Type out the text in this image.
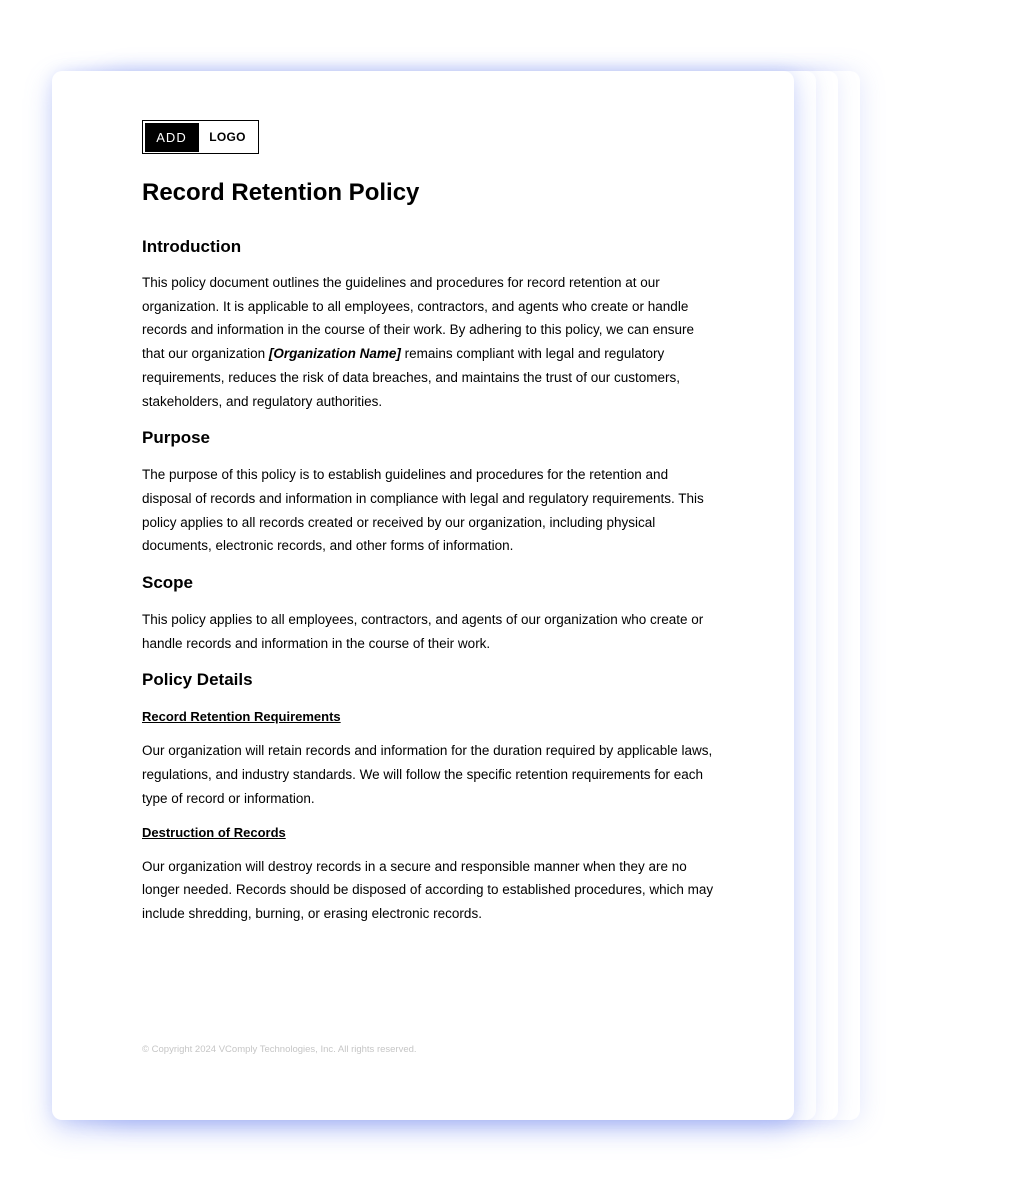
ADD	LOGO
Record Retention Policy
Introduction

This policy document outlines the guidelines and procedures for record retention at our organization. It is applicable to all employees, contractors, and agents who create or handle records and information in the course of their work. By adhering to this policy, we can ensure that our organization [Organization Name] remains compliant with legal and regulatory requirements, reduces the risk of data breaches, and maintains the trust of our customers, stakeholders, and regulatory authorities.

Purpose

The purpose of this policy is to establish guidelines and procedures for the retention and disposal of records and information in compliance with legal and regulatory requirements. This policy applies to all records created or received by our organization, including physical documents, electronic records, and other forms of information.

Scope

This policy applies to all employees, contractors, and agents of our organization who create or handle records and information in the course of their work.

Policy Details
Record Retention Requirements

Our organization will retain records and information for the duration required by applicable laws, regulations, and industry standards. We will follow the specific retention requirements for each type of record or information.

Destruction of Records

Our organization will destroy records in a secure and responsible manner when they are no longer needed. Records should be disposed of according to established procedures, which may include shredding, burning, or erasing electronic records.

© Copyright 2024 VComply Technologies, Inc. All rights reserved.
